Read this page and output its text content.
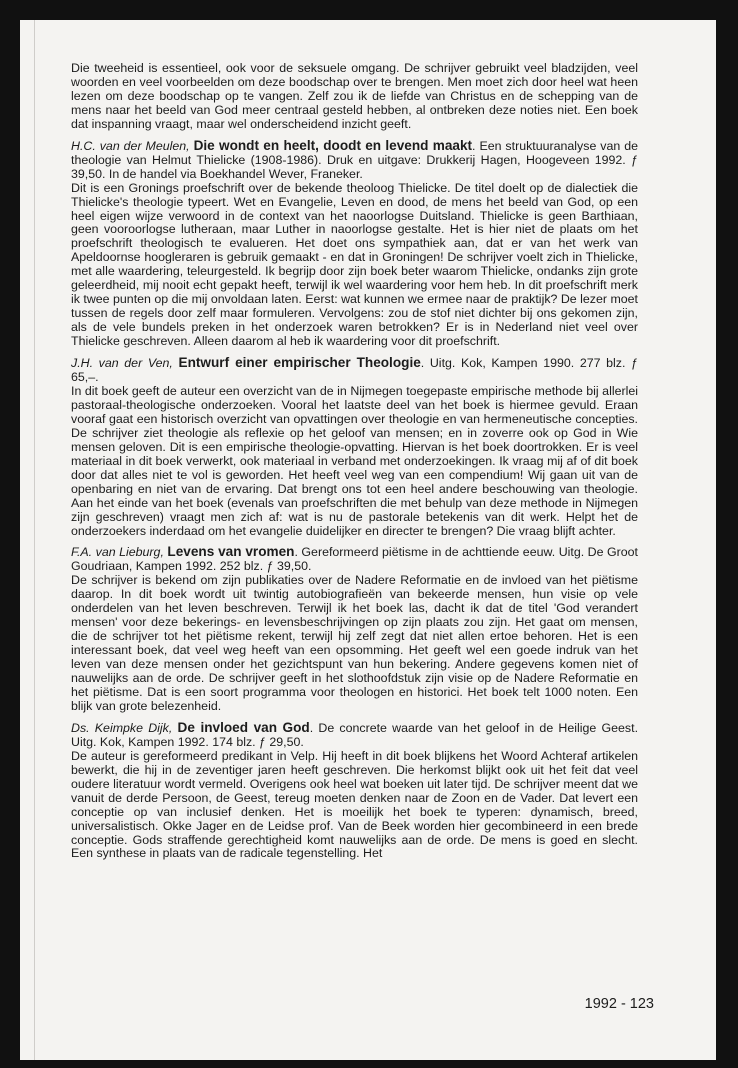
Die tweeheid is essentieel, ook voor de seksuele omgang. De schrijver gebruikt veel bladzijden, veel woorden en veel voorbeelden om deze boodschap over te brengen. Men moet zich door heel wat heen lezen om deze boodschap op te vangen. Zelf zou ik de liefde van Christus en de schepping van de mens naar het beeld van God meer centraal gesteld hebben, al ontbreken deze noties niet. Een boek dat inspanning vraagt, maar wel onderscheidend inzicht geeft.

H.C. van der Meulen, Die wondt en heelt, doodt en levend maakt. Een struktuuranalyse van de theologie van Helmut Thielicke (1908-1986). Druk en uitgave: Drukkerij Hagen, Hoogeveen 1992. ƒ 39,50. In de handel via Boekhandel Wever, Franeker.
Dit is een Gronings proefschrift over de bekende theoloog Thielicke. De titel doelt op de dialectiek die Thielicke's theologie typeert. Wet en Evangelie, Leven en dood, de mens het beeld van God, op een heel eigen wijze verwoord in de context van het naoorlogse Duitsland. Thielicke is geen Barthiaan, geen vooroorlogse lutheraan, maar Luther in naoorlogse gestalte. Het is hier niet de plaats om het proefschrift theologisch te evalueren. Het doet ons sympathiek aan, dat er van het werk van Apeldoornse hoogleraren is gebruik gemaakt - en dat in Groningen! De schrijver voelt zich in Thielicke, met alle waardering, teleurgesteld. Ik begrijp door zijn boek beter waarom Thielicke, ondanks zijn grote geleerdheid, mij nooit echt gepakt heeft, terwijl ik wel waardering voor hem heb. In dit proefschrift merk ik twee punten op die mij onvoldaan laten. Eerst: wat kunnen we ermee naar de praktijk? De lezer moet tussen de regels door zelf maar formuleren. Vervolgens: zou de stof niet dichter bij ons gekomen zijn, als de vele bundels preken in het onderzoek waren betrokken? Er is in Nederland niet veel over Thielicke geschreven. Alleen daarom al heb ik waardering voor dit proefschrift.
J.H. van der Ven, Entwurf einer empirischer Theologie. Uitg. Kok, Kampen 1990. 277 blz. ƒ 65,–.
In dit boek geeft de auteur een overzicht van de in Nijmegen toegepaste empirische methode bij allerlei pastoraal-theologische onderzoeken. Vooral het laatste deel van het boek is hiermee gevuld. Eraan vooraf gaat een historisch overzicht van opvattingen over theologie en van hermeneutische concepties. De schrijver ziet theologie als reflexie op het geloof van mensen; en in zoverre ook op God in Wie mensen geloven. Dit is een empirische theologie-opvatting. Hiervan is het boek doortrokken. Er is veel materiaal in dit boek verwerkt, ook materiaal in verband met onderzoekingen. Ik vraag mij af of dit boek door dat alles niet te vol is geworden. Het heeft veel weg van een compendium! Wij gaan uit van de openbaring en niet van de ervaring. Dat brengt ons tot een heel andere beschouwing van theologie. Aan het einde van het boek (evenals van proefschriften die met behulp van deze methode in Nijmegen zijn geschreven) vraagt men zich af: wat is nu de pastorale betekenis van dit werk. Helpt het de onderzoekers inderdaad om het evangelie duidelijker en directer te brengen? Die vraag blijft achter.
F.A. van Lieburg, Levens van vromen. Gereformeerd piëtisme in de achttiende eeuw. Uitg. De Groot Goudriaan, Kampen 1992. 252 blz. ƒ 39,50.
De schrijver is bekend om zijn publikaties over de Nadere Reformatie en de invloed van het piëtisme daarop. In dit boek wordt uit twintig autobiografieën van bekeerde mensen, hun visie op vele onderdelen van het leven beschreven. Terwijl ik het boek las, dacht ik dat de titel 'God verandert mensen' voor deze bekerings- en levensbeschrijvingen op zijn plaats zou zijn. Het gaat om mensen, die de schrijver tot het piëtisme rekent, terwijl hij zelf zegt dat niet allen ertoe behoren. Het is een interessant boek, dat veel weg heeft van een opsomming. Het geeft wel een goede indruk van het leven van deze mensen onder het gezichtspunt van hun bekering. Andere gegevens komen niet of nauwelijks aan de orde. De schrijver geeft in het slothoofdstuk zijn visie op de Nadere Reformatie en het piëtisme. Dat is een soort programma voor theologen en historici. Het boek telt 1000 noten. Een blijk van grote belezenheid.
Ds. Keimpke Dijk, De invloed van God. De concrete waarde van het geloof in de Heilige Geest. Uitg. Kok, Kampen 1992. 174 blz. ƒ 29,50.
De auteur is gereformeerd predikant in Velp. Hij heeft in dit boek blijkens het Woord Achteraf artikelen bewerkt, die hij in de zeventiger jaren heeft geschreven. Die herkomst blijkt ook uit het feit dat veel oudere literatuur wordt vermeld. Overigens ook heel wat boeken uit later tijd. De schrijver meent dat we vanuit de derde Persoon, de Geest, tereug moeten denken naar de Zoon en de Vader. Dat levert een conceptie op van inclusief denken. Het is moeilijk het boek te typeren: dynamisch, breed, universalistisch. Okke Jager en de Leidse prof. Van de Beek worden hier gecombineerd in een brede conceptie. Gods straffende gerechtigheid komt nauwelijks aan de orde. De mens is goed en slecht. Een synthese in plaats van de radicale tegenstelling. Het
1992 - 123
